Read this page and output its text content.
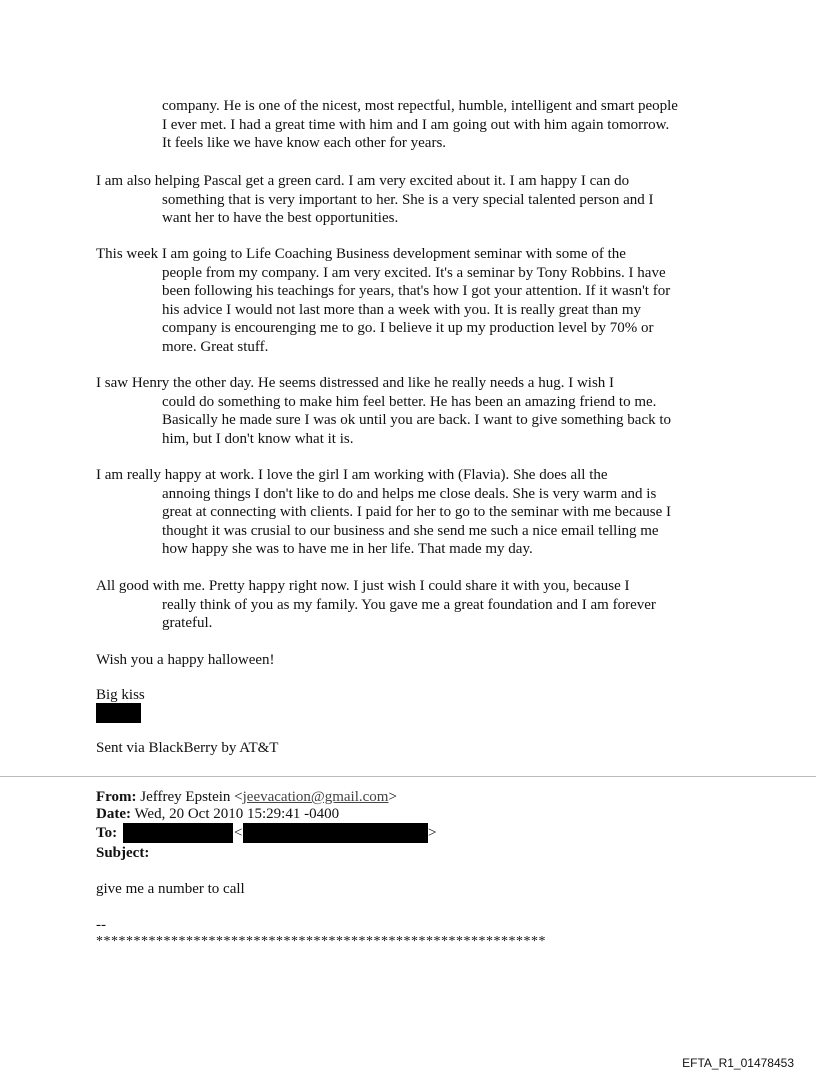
company. He is one of the nicest, most repectful, humble, intelligent and smart people I ever met. I had a great time with him and I am going out with him again tomorrow. It feels like we have know each other for years.
I am also helping Pascal get a green card. I am very excited about it. I am happy I can do
something that is very important to her. She is a very special talented person and I want her to have the best opportunities.
This week I am going to Life Coaching Business development seminar with some of the
people from my company. I am very excited. It's a seminar by Tony Robbins. I have been following his teachings for years, that's how I got your attention. If it wasn't for his advice I would not last more than a week with you. It is really great than my company is encourenging me to go. I believe it up my production level by 70% or more. Great stuff.
I saw Henry the other day. He seems distressed and like he really needs a hug. I wish I
could do something to make him feel better. He has been an amazing friend to me. Basically he made sure I was ok until you are back. I want to give something back to him, but I don't know what it is.
I am really happy at work. I love the girl I am working with (Flavia). She does all the
annoing things I don't like to do and helps me close deals. She is very warm and is great at connecting with clients. I paid for her to go to the seminar with me because I thought it was crusial to our business and she send me such a nice email telling me how happy she was to have me in her life. That made my day.
All good with me. Pretty happy right now. I just wish I could share it with you, because I
really think of you as my family. You gave me a great foundation and I am forever grateful.
Wish you a happy halloween!
Big kiss
Sent via BlackBerry by AT&T
From: Jeffrey Epstein <jeevacation@gmail.com>
Date: Wed, 20 Oct 2010 15:29:41 -0400
To:	<	>
Subject:
give me a number to call
--
************************************************************
EFTA_R1_01478453
